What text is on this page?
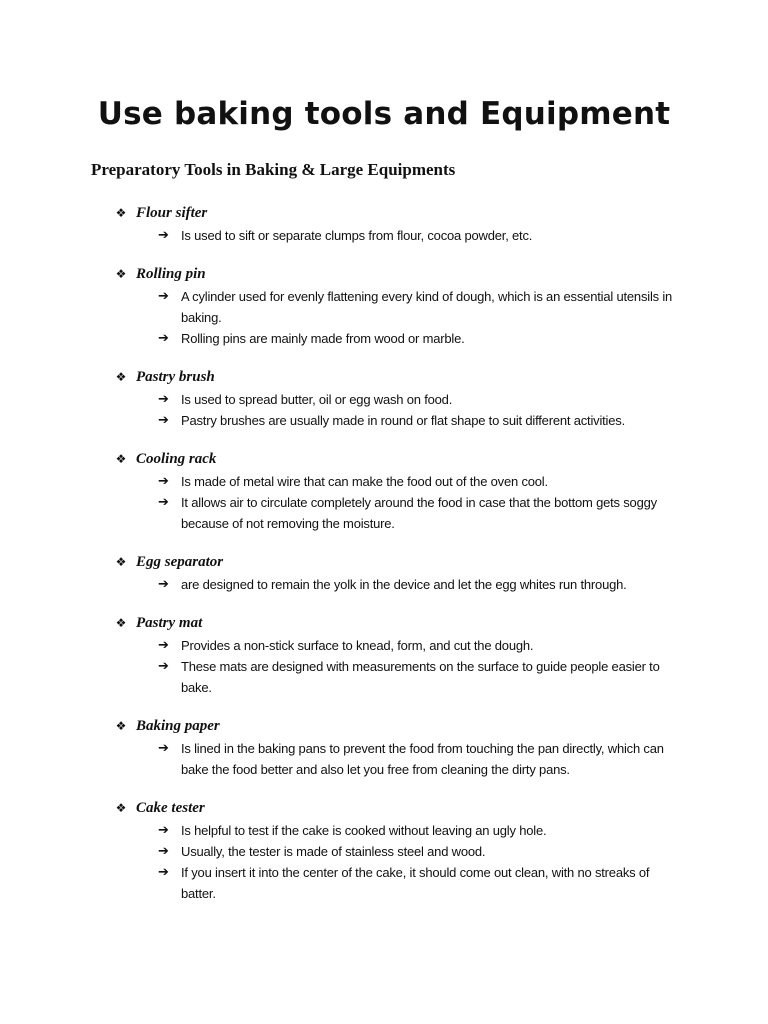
Use baking tools and Equipment
Preparatory Tools in Baking & Large Equipments
❖ Flour sifter
➔ Is used to sift or separate clumps from flour, cocoa powder, etc.
❖ Rolling pin
➔ A cylinder used for evenly flattening every kind of dough, which is an essential utensils in baking.
➔ Rolling pins are mainly made from wood or marble.
❖ Pastry brush
➔ Is used to spread butter, oil or egg wash on food.
➔ Pastry brushes are usually made in round or flat shape to suit different activities.
❖ Cooling rack
➔ Is made of metal wire that can make the food out of the oven cool.
➔ It allows air to circulate completely around the food in case that the bottom gets soggy because of not removing the moisture.
❖ Egg separator
➔ are designed to remain the yolk in the device and let the egg whites run through.
❖ Pastry mat
➔ Provides a non-stick surface to knead, form, and cut the dough.
➔ These mats are designed with measurements on the surface to guide people easier to bake.
❖ Baking paper
➔ Is lined in the baking pans to prevent the food from touching the pan directly, which can bake the food better and also let you free from cleaning the dirty pans.
❖ Cake tester
➔ Is helpful to test if the cake is cooked without leaving an ugly hole.
➔ Usually, the tester is made of stainless steel and wood.
➔ If you insert it into the center of the cake, it should come out clean, with no streaks of batter.
